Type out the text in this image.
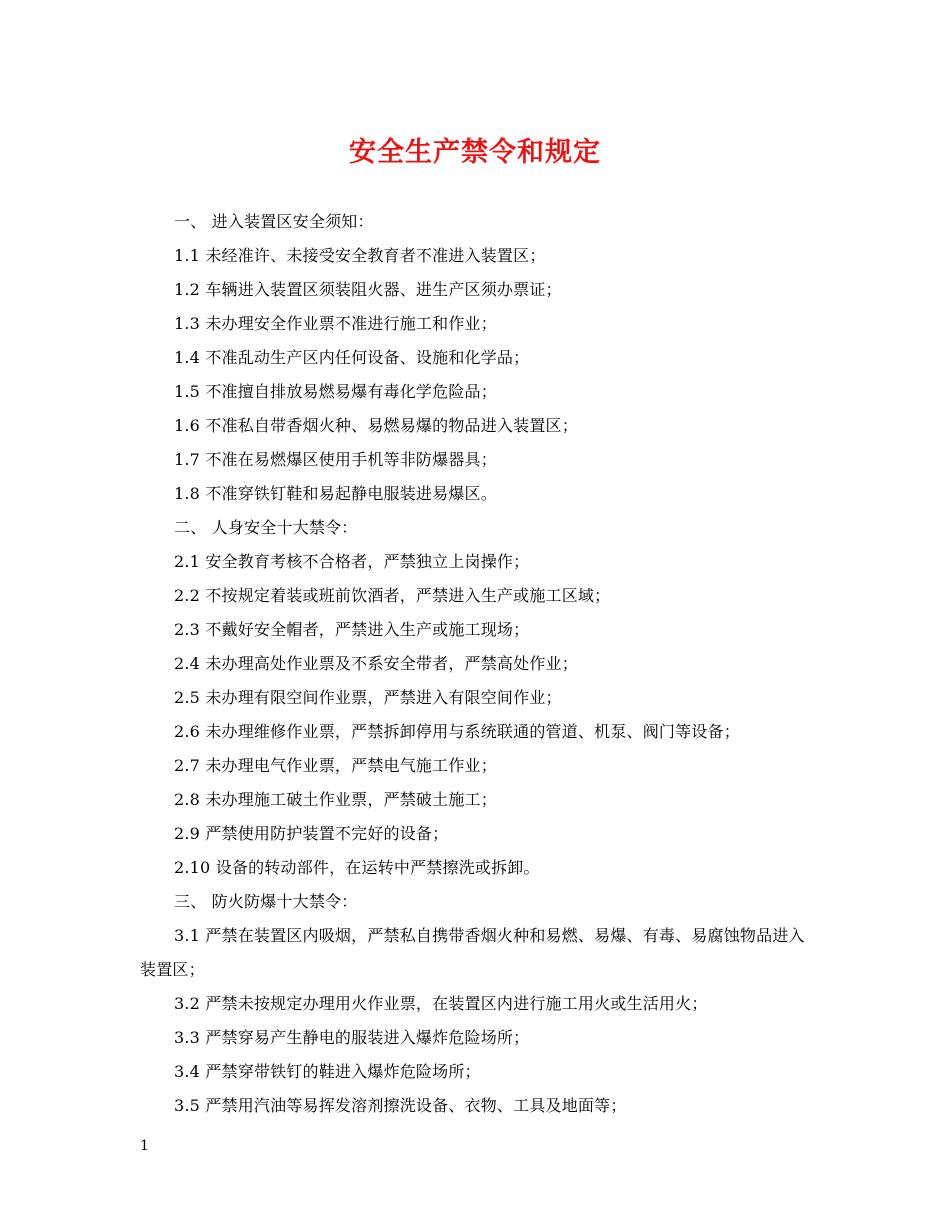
安全生产禁令和规定
一、 进入装置区安全须知：
1.1 未经准许、未接受安全教育者不准进入装置区；
1.2 车辆进入装置区须装阻火器、进生产区须办票证；
1.3 未办理安全作业票不准进行施工和作业；
1.4 不准乱动生产区内任何设备、设施和化学品；
1.5 不准擅自排放易燃易爆有毒化学危险品；
1.6 不准私自带香烟火种、易燃易爆的物品进入装置区；
1.7 不准在易燃爆区使用手机等非防爆器具；
1.8 不准穿铁钉鞋和易起静电服装进易爆区。
二、 人身安全十大禁令：
2.1 安全教育考核不合格者，严禁独立上岗操作；
2.2 不按规定着装或班前饮酒者，严禁进入生产或施工区域；
2.3 不戴好安全帽者，严禁进入生产或施工现场；
2.4 未办理高处作业票及不系安全带者，严禁高处作业；
2.5 未办理有限空间作业票，严禁进入有限空间作业；
2.6 未办理维修作业票，严禁拆卸停用与系统联通的管道、机泵、阀门等设备；
2.7 未办理电气作业票，严禁电气施工作业；
2.8 未办理施工破土作业票，严禁破土施工；
2.9 严禁使用防护装置不完好的设备；
2.10 设备的转动部件，在运转中严禁擦洗或拆卸。
三、 防火防爆十大禁令：
3.1 严禁在装置区内吸烟，严禁私自携带香烟火种和易燃、易爆、有毒、易腐蚀物品进入装置区；
3.2 严禁未按规定办理用火作业票，在装置区内进行施工用火或生活用火；
3.3 严禁穿易产生静电的服装进入爆炸危险场所；
3.4 严禁穿带铁钉的鞋进入爆炸危险场所；
3.5 严禁用汽油等易挥发溶剂擦洗设备、衣物、工具及地面等；
1
